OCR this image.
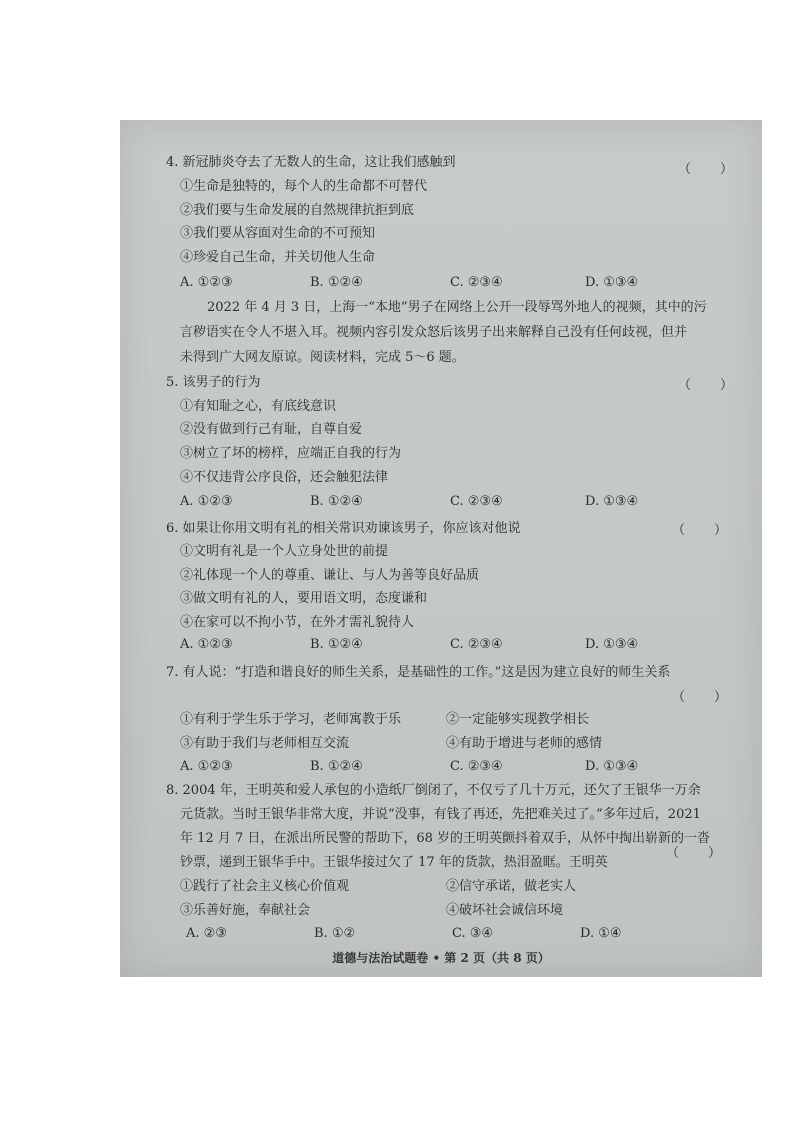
4. 新冠肺炎夺去了无数人的生命，这让我们感触到	（　）
①生命是独特的，每个人的生命都不可替代
②我们要与生命发展的自然规律抗拒到底
③我们要从容面对生命的不可预知
④珍爱自己生命，并关切他人生命
A. ①②③	B. ①②④	C. ②③④	D. ①③④
2022 年 4 月 3 日，上海一“本地”男子在网络上公开一段辱骂外地人的视频，其中的污
言秽语实在令人不堪入耳。视频内容引发众怒后该男子出来解释自己没有任何歧视，但并
未得到广大网友原谅。阅读材料，完成 5～6 题。
5. 该男子的行为	（　）
①有知耻之心，有底线意识
②没有做到行己有耻，自尊自爱
③树立了坏的榜样，应端正自我的行为
④不仅违背公序良俗，还会触犯法律
A. ①②③	B. ①②④	C. ②③④	D. ①③④
6. 如果让你用文明有礼的相关常识劝谏该男子，你应该对他说	（　）
①文明有礼是一个人立身处世的前提
②礼体现一个人的尊重、谦让、与人为善等良好品质
③做文明有礼的人，要用语文明，态度谦和
④在家可以不拘小节，在外才需礼貌待人
A. ①②③	B. ①②④	C. ②③④	D. ①③④
7. 有人说：“打造和谐良好的师生关系，是基础性的工作。”这是因为建立良好的师生关系
（　）
①有利于学生乐于学习，老师寓教于乐	②一定能够实现教学相长
③有助于我们与老师相互交流	④有助于增进与老师的感情
A. ①②③	B. ①②④	C. ②③④	D. ①③④
8. 2004 年，王明英和爱人承包的小造纸厂倒闭了，不仅亏了几十万元，还欠了王银华一万余
元货款。当时王银华非常大度，并说“没事，有钱了再还，先把难关过了。”多年过后，2021
年 12 月 7 日，在派出所民警的帮助下，68 岁的王明英颤抖着双手，从怀中掏出崭新的一沓
钞票，递到王银华手中。王银华接过欠了 17 年的货款，热泪盈眶。王明英
（　）
①践行了社会主义核心价值观	②信守承诺，做老实人
③乐善好施，奉献社会	④破坏社会诚信环境
A. ②③	B. ①②	C. ③④	D. ①④
道德与法治试题卷 • 第 2 页（共 8 页）
